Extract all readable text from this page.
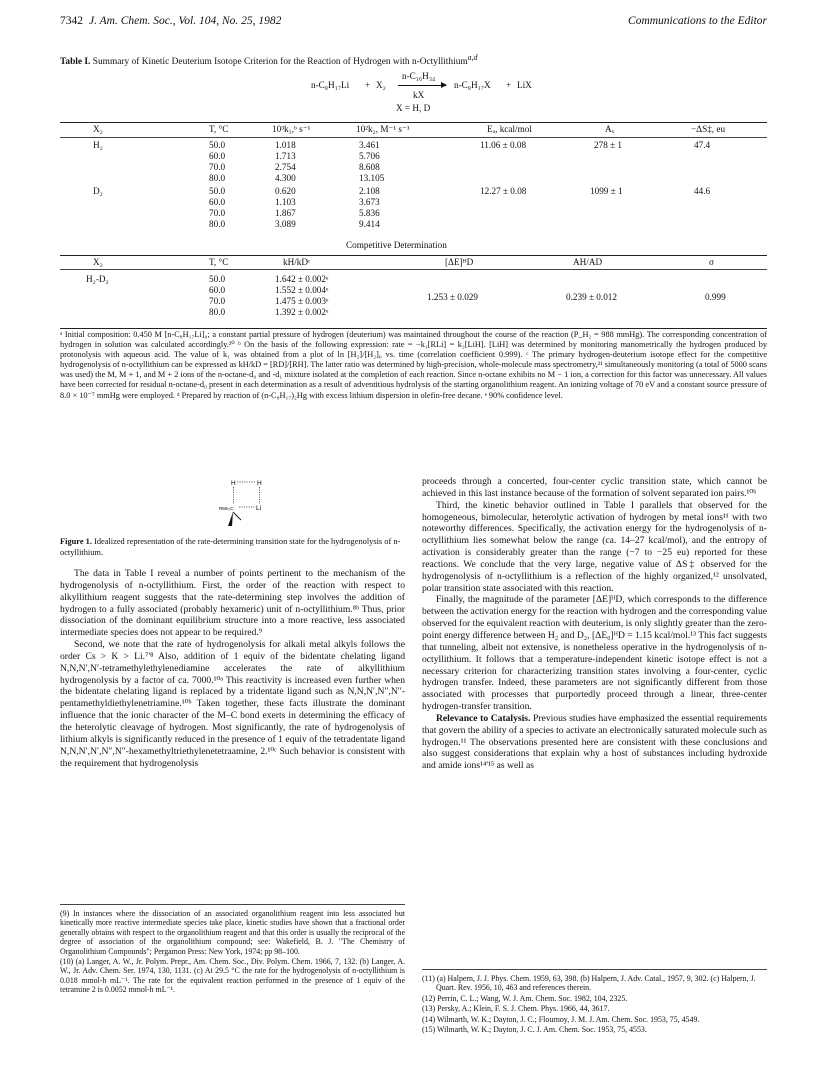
7342 J. Am. Chem. Soc., Vol. 104, No. 25, 1982	Communications to the Editor
Table I. Summary of Kinetic Deuterium Isotope Criterion for the Reaction of Hydrogen with n-Octyllithium$^{a,d}$
n-C₈H₁₇Li + X₂
n-C₁₆H₃₄
kX
n-C₈H₁₇X + LiX
X = H, D
X₂	T, °C	10³k₁,ᵇ s⁻¹	10²k₂, M⁻¹ s⁻¹	Eₐ, kcal/mol	Aₓ	−ΔS‡, eu
H₂	50.0	1.018	3.461	11.06 ± 0.08	278 ± 1	47.4
60.0	1.713	5.706
70.0	2.754	8.608
80.0	4.300	13.105
D₂	50.0	0.620	2.108	12.27 ± 0.08	1099 ± 1	44.6
60.0	1.103	3.673
70.0	1.867	5.836
80.0	3.089	9.414
Competitive Determination
X₂	T, °C	kH/kDᶜ	[ΔE]ᴴD	AH/AD	σ
H₂-D₂	50.0	1.642 ± 0.002ᵉ
60.0	1.552 ± 0.004ᵉ
70.0	1.475 ± 0.003ᵉ
80.0	1.392 ± 0.002ᵉ
1.253 ± 0.029	0.239 ± 0.012	0.999
ᵃ Initial composition: 0.450 M [n-C₈H₁₇Li]₀; a constant partial pressure of hydrogen (deuterium) was maintained throughout the course of the reaction (P_H₂ = 988 mmHg). The corresponding concentration of hydrogen in solution was calculated accordingly.²⁰ ᵇ On the basis of the following expression: rate = −k₁[RLi] = k₂[LiH]. [LiH] was determined by monitoring manometrically the hydrogen produced by protonolysis with aqueous acid. The value of k₁ was obtained from a plot of ln [H₂]/[H₂]₀ vs. time (correlation coefficient 0.999). ᶜ The primary hydrogen-deuterium isotope effect for the competitive hydrogenolysis of n-octyllithium can be expressed as kH/kD = [RD]/[RH]. The latter ratio was determined by high-precision, whole-molecule mass spectrometry,²¹ simultaneously monitoring (a total of 5000 scans was used) the M, M + 1, and M + 2 ions of the n-octane-d₀ and -d₁ mixture isolated at the completion of each reaction. Since n-octane exhibits no M − 1 ion, a correction for this factor was unnecessary. All values have been corrected for residual n-octane-d₀ present in each determination as a result of adventitious hydrolysis of the starting organolithium reagent. An ionizing voltage of 70 eV and a constant source pressure of 8.0 × 10⁻⁷ mmHg were employed. ᵈ Prepared by reaction of (n-C₈H₁₇)₂Hg with excess lithium dispersion in olefin-free decane. ᵉ 90% confidence level.
H	H
RMe₂C	Li
Figure 1. Idealized representation of the rate-determining transition state for the hydrogenolysis of n-octyllithium.

The data in Table I reveal a number of points pertinent to the mechanism of the hydrogenolysis of n-octyllithium. First, the order of the reaction with respect to alkyllithium reagent suggests that the rate-determining step involves the addition of hydrogen to a fully associated (probably hexameric) unit of n-octyllithium.⁸ᵇ Thus, prior dissociation of the dominant equilibrium structure into a more reactive, less associated intermediate species does not appear to be required.⁹

Second, we note that the rate of hydrogenolysis for alkali metal alkyls follows the order Cs > K > Li.⁷'⁸ Also, addition of 1 equiv of the bidentate chelating ligand N,N,N′,N′-tetramethylethylenediamine accelerates the rate of alkyllithium hydrogenolysis by a factor of ca. 7000.¹⁰ᵃ This reactivity is increased even further when the bidentate chelating ligand is replaced by a tridentate ligand such as N,N,N′,N″,N″-pentamethyldiethylenetriamine.¹⁰ᵇ Taken together, these facts illustrate the dominant influence that the ionic character of the M–C bond exerts in determining the efficacy of the heterolytic cleavage of hydrogen. Most significantly, the rate of hydrogenolysis of lithium alkyls is significantly reduced in the presence of 1 equiv of the tetradentate ligand N,N,N′,N′,N″,N″-hexamethyltriethylenetetraamine, 2.¹⁰ᶜ Such behavior is consistent with the requirement that hydrogenolysis

proceeds through a concerted, four-center cyclic transition state, which cannot be achieved in this last instance because of the formation of solvent separated ion pairs.¹⁰ᵇ

Third, the kinetic behavior outlined in Table I parallels that observed for the homogeneous, bimolecular, heterolytic activation of hydrogen by metal ions¹¹ with two noteworthy differences. Specifically, the activation energy for the hydrogenolysis of n-octyllithium lies somewhat below the range (ca. 14–27 kcal/mol), and the entropy of activation is considerably greater than the range (−7 to −25 eu) reported for these reactions. We conclude that the very large, negative value of ΔS‡ observed for the hydrogenolysis of n-octyllithium is a reflection of the highly organized,¹² unsolvated, polar transition state associated with this reaction.

Finally, the magnitude of the parameter [ΔE]ᴴD, which corresponds to the difference between the activation energy for the reaction with hydrogen and the corresponding value observed for the equivalent reaction with deuterium, is only slightly greater than the zero-point energy difference between H₂ and D₂, [ΔE₀]ᴴD = 1.15 kcal/mol.¹³ This fact suggests that tunneling, albeit not extensive, is nonetheless operative in the hydrogenolysis of n-octyllithium. It follows that a temperature-independent kinetic isotope effect is not a necessary criterion for characterizing transition states involving a four-center, cyclic hydrogen transfer. Indeed, these parameters are not significantly different from those associated with processes that purportedly proceed through a linear, three-center hydrogen-transfer transition.

Relevance to Catalysis. Previous studies have emphasized the essential requirements that govern the ability of a species to activate an electronically saturated molecule such as hydrogen.¹¹ The observations presented here are consistent with these conclusions and also suggest considerations that explain why a host of substances including hydroxide and amide ions¹⁴'¹⁵ as well as

(9) In instances where the dissociation of an associated organolithium reagent into less associated but kinetically more reactive intermediate species take place, kinetic studies have shown that a fractional order generally obtains with respect to the organolithium reagent and that this order is usually the reciprocal of the degree of association of the organolithium compound; see: Wakefield, B. J. "The Chemistry of Organolithium Compounds"; Pergamon Press: New York, 1974; pp 98–100.

(10) (a) Langer, A. W., Jr. Polym. Prepr., Am. Chem. Soc., Div. Polym. Chem. 1966, 7, 132. (b) Langer, A. W., Jr. Adv. Chem. Ser. 1974, 130, 1131. (c) At 29.5 °C the rate for the hydrogenolysis of n-octyllithium is 0.018 mmol-h mL⁻¹. The rate for the equivalent reaction performed in the presence of 1 equiv of the tetramine 2 is 0.0052 mmol-h mL⁻¹.

(11) (a) Halpern, J. J. Phys. Chem. 1959, 63, 398. (b) Halpern, J. Adv. Catal., 1957, 9, 302. (c) Halpern, J. Quart. Rev. 1956, 10, 463 and references therein.

(12) Perrin, C. L.; Wang, W. J. Am. Chem. Soc. 1982, 104, 2325.

(13) Persky, A.; Klein, F. S. J. Chem. Phys. 1966, 44, 3617.

(14) Wilmarth, W. K.; Dayton, J. C.; Flournoy, J. M. J. Am. Chem. Soc. 1953, 75, 4549.

(15) Wilmarth, W. K.; Dayton, J. C. J. Am. Chem. Soc. 1953, 75, 4553.
